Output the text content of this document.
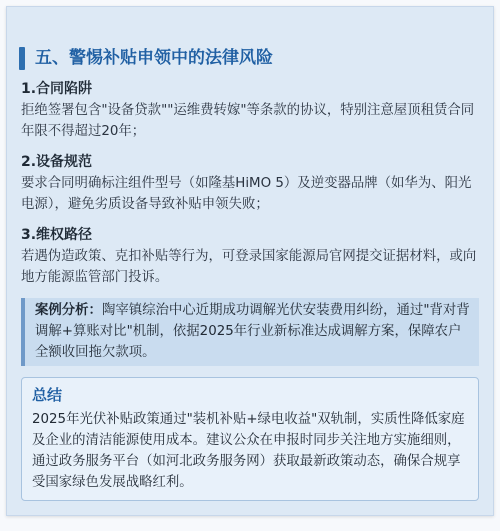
五、警惕补贴申领中的法律风险
1.合同陷阱
拒绝签署包含"设备贷款""运维费转嫁"等条款的协议，特别注意屋顶租赁合同年限不得超过20年；
2.设备规范
要求合同明确标注组件型号（如隆基HiMO 5）及逆变器品牌（如华为、阳光电源），避免劣质设备导致补贴申领失败；
3.维权路径
若遇伪造政策、克扣补贴等行为，可登录国家能源局官网提交证据材料，或向地方能源监管部门投诉。
案例分析：陶宰镇综治中心近期成功调解光伏安装费用纠纷，通过"背对背调解+算账对比"机制，依据2025年行业新标准达成调解方案，保障农户全额收回拖欠款项。
总结
2025年光伏补贴政策通过"装机补贴+绿电收益"双轨制，实质性降低家庭及企业的清洁能源使用成本。建议公众在申报时同步关注地方实施细则，通过政务服务平台（如河北政务服务网）获取最新政策动态，确保合规享受国家绿色发展战略红利。
